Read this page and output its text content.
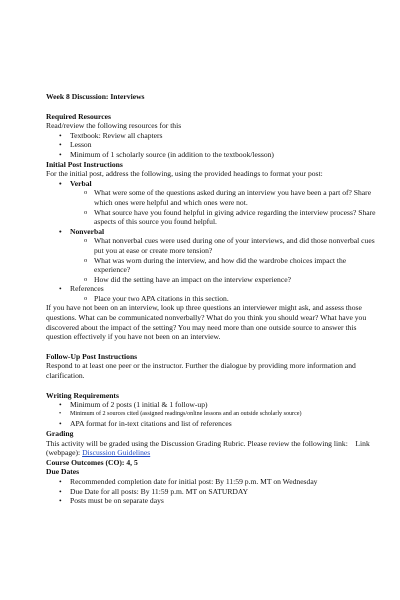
Week 8 Discussion: Interviews
Required Resources
Read/review the following resources for this
• Textbook: Review all chapters
• Lesson
• Minimum of 1 scholarly source (in addition to the textbook/lesson)
Initial Post Instructions
For the initial post, address the following, using the provided headings to format your post:
• Verbal
o What were some of the questions asked during an interview you have been a part of? Share which ones were helpful and which ones were not.
o What source have you found helpful in giving advice regarding the interview process? Share aspects of this source you found helpful.
• Nonverbal
o What nonverbal cues were used during one of your interviews, and did those nonverbal cues put you at ease or create more tension?
o What was worn during the interview, and how did the wardrobe choices impact the experience?
o How did the setting have an impact on the interview experience?
• References
o Place your two APA citations in this section.
If you have not been on an interview, look up three questions an interviewer might ask, and assess those questions. What can be communicated nonverbally? What do you think you should wear? What have you discovered about the impact of the setting? You may need more than one outside source to answer this question effectively if you have not been on an interview.
Follow-Up Post Instructions
Respond to at least one peer or the instructor. Further the dialogue by providing more information and clarification.
Writing Requirements
• Minimum of 2 posts (1 initial & 1 follow-up)
• Minimum of 2 sources cited (assigned readings/online lessons and an outside scholarly source)
• APA format for in-text citations and list of references
Grading
This activity will be graded using the Discussion Grading Rubric. Please review the following link: Link (webpage): Discussion Guidelines
Course Outcomes (CO): 4, 5
Due Dates
• Recommended completion date for initial post: By 11:59 p.m. MT on Wednesday
• Due Date for all posts: By 11:59 p.m. MT on SATURDAY
• Posts must be on separate days
